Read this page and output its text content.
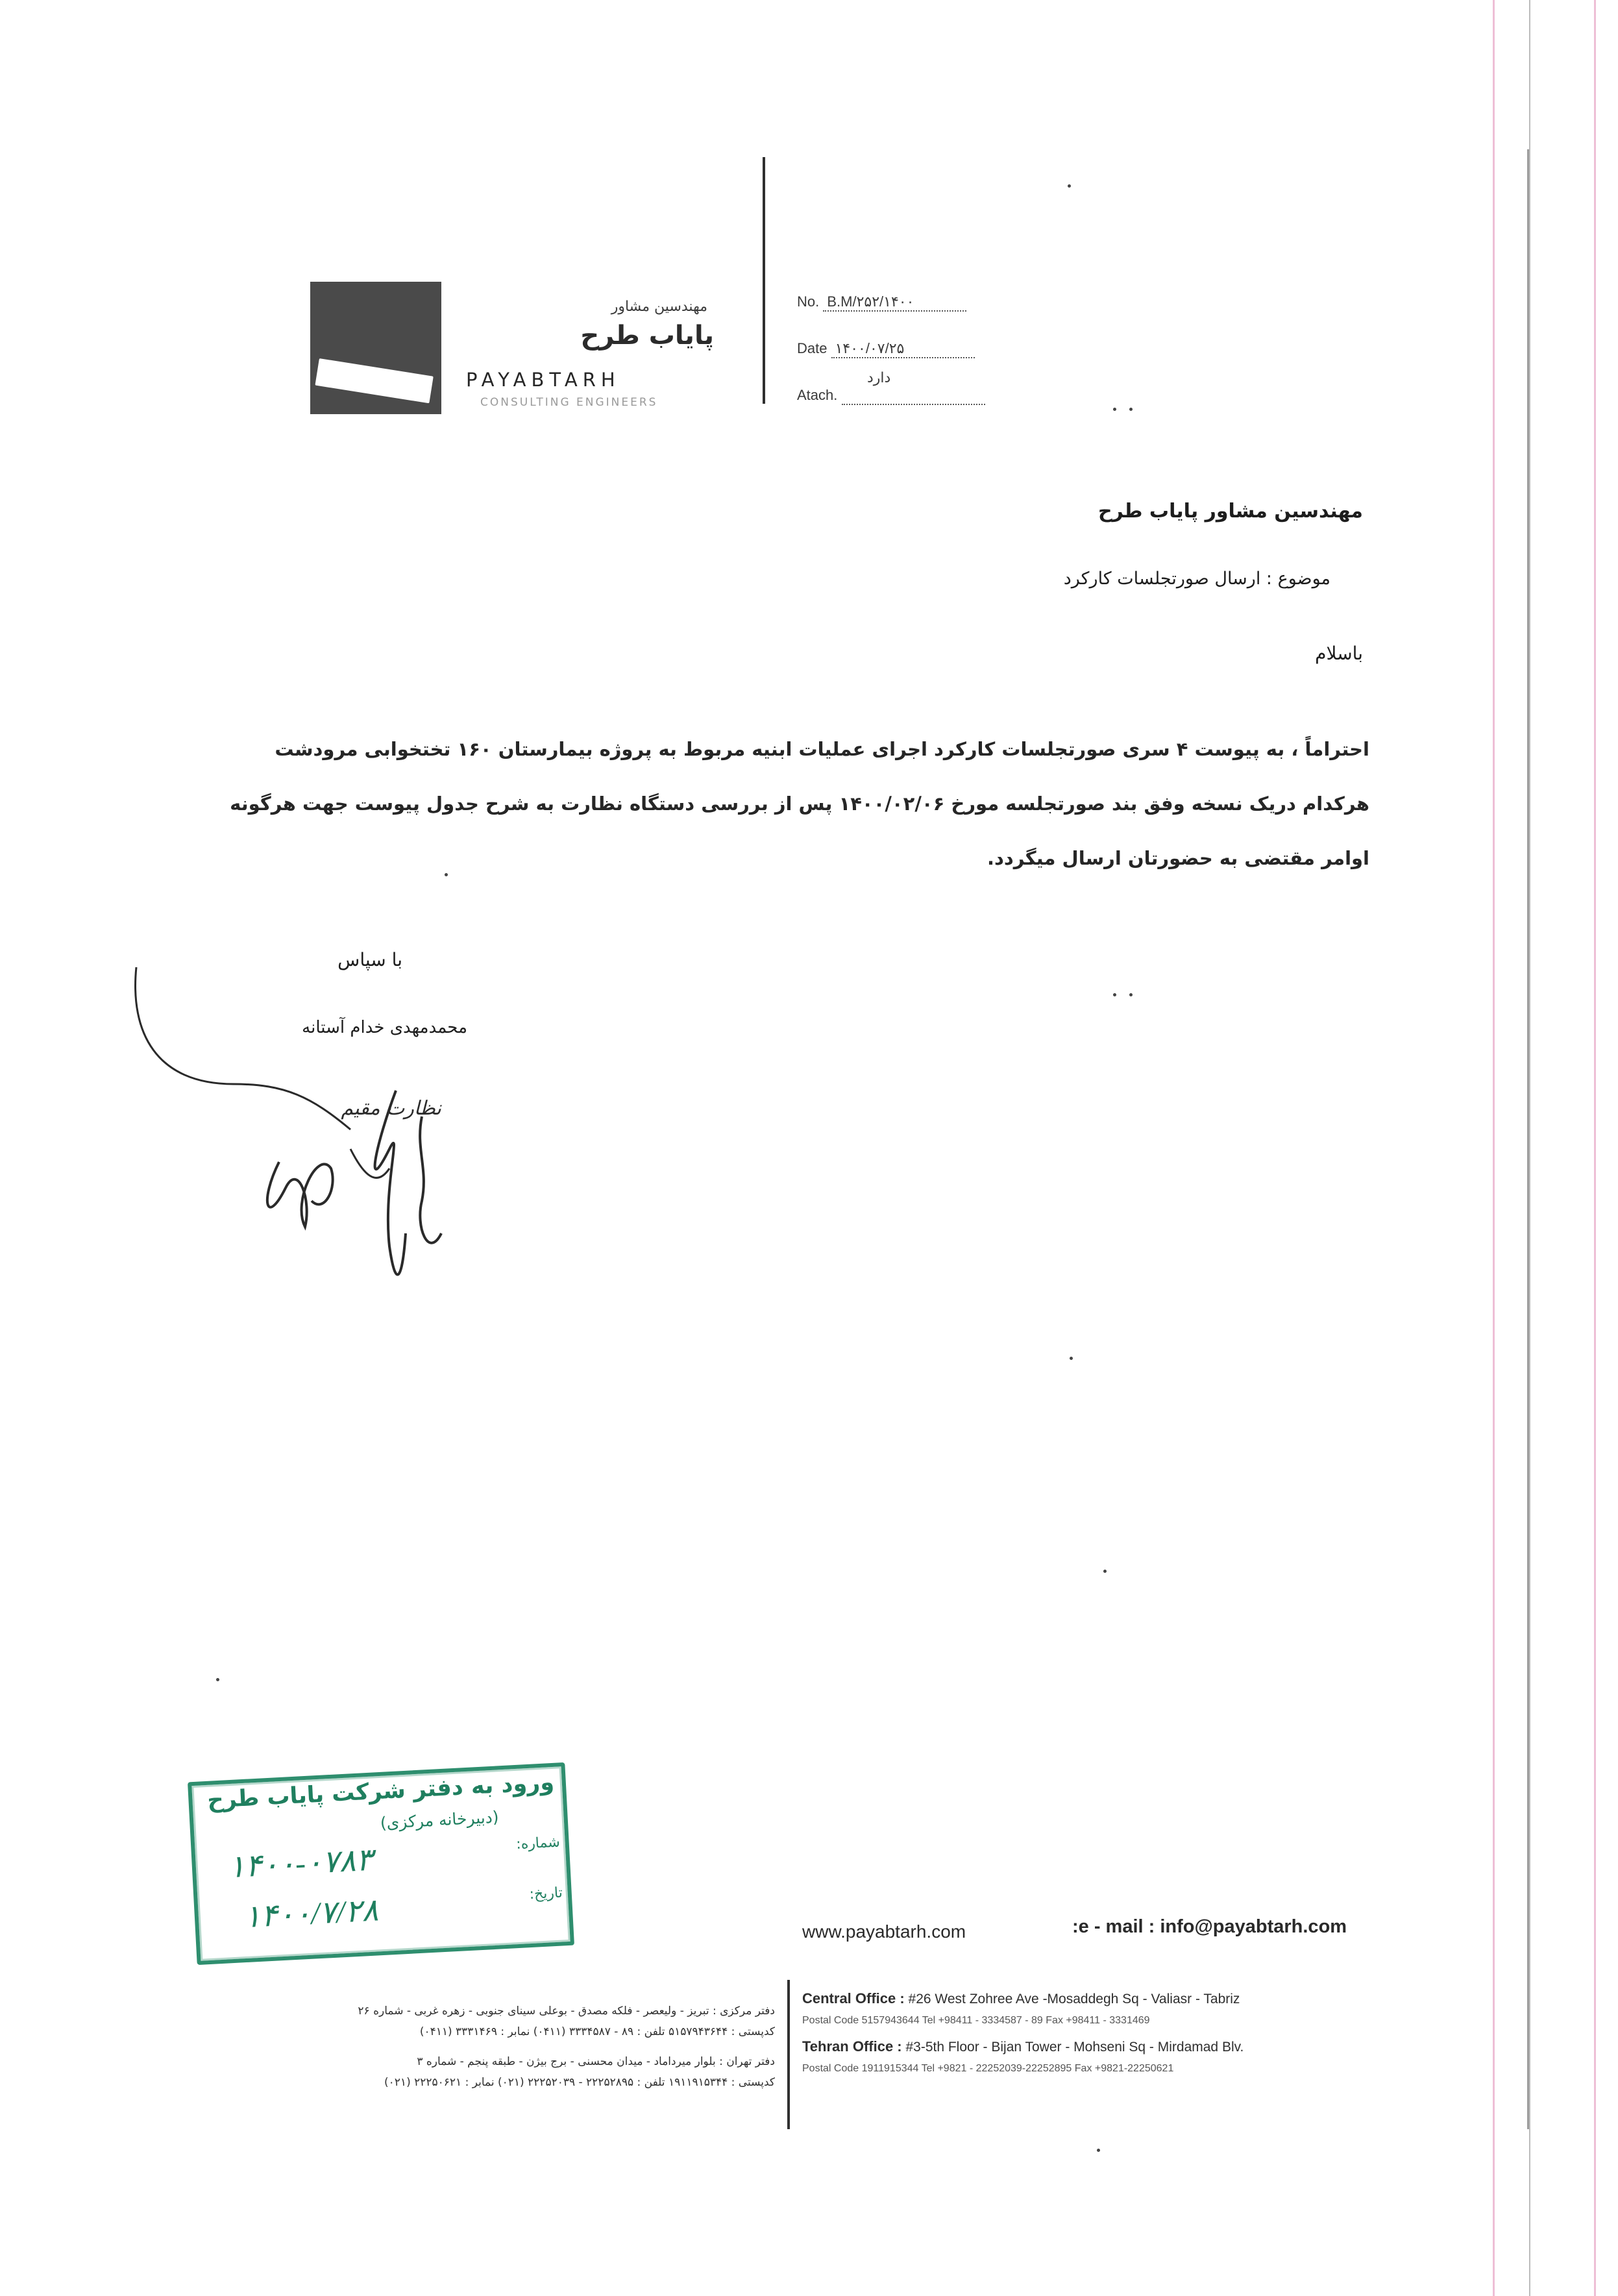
مهندسین مشاور
پایاب طرح
PAYABTARH
CONSULTING ENGINEERS
No. B.M/۲۵۲/۱۴۰۰
Date ۱۴۰۰/۰۷/۲۵
دارد
Atach.
مهندسین مشاور پایاب طرح
موضوع : ارسال صورتجلسات کارکرد
باسلام
احتراماً ، به پیوست ۴ سری صورتجلسات کارکرد اجرای عملیات ابنیه مربوط به پروژه بیمارستان ۱۶۰ تختخوابی مرودشت هرکدام دریک نسخه وفق بند صورتجلسه مورخ ۱۴۰۰/۰۲/۰۶ پس از بررسی دستگاه نظارت به شرح جدول پیوست جهت هرگونه اوامر مقتضی به حضورتان ارسال میگردد.
با سپاس
محمدمهدی خدام آستانه
نظارت مقیم
ورود به دفتر شرکت پایاب طرح
(دبیرخانه مرکزی)
شماره:
تاریخ:
۱۴۰۰-۰۷۸۳
۱۴۰۰/۷/۲۸	www.payabtarh.com	:e - mail : info@payabtarh.com
دفتر مرکزی : تبریز - ولیعصر - فلکه مصدق - بوعلی سینای جنوبی - زهره غربی - شماره ۲۶
کدپستی : ۵۱۵۷۹۴۳۶۴۴ تلفن : ۸۹ - ۳۳۳۴۵۸۷ (۰۴۱۱) نمابر : ۳۳۳۱۴۶۹ (۰۴۱۱)
دفتر تهران : بلوار میرداماد - میدان محسنی - برج بیژن - طبقه پنجم - شماره ۳
کدپستی : ۱۹۱۱۹۱۵۳۴۴ تلفن : ۲۲۲۵۲۸۹۵ - ۲۲۲۵۲۰۳۹ (۰۲۱) نمابر : ۲۲۲۵۰۶۲۱ (۰۲۱)
Central Office : #26 West Zohree Ave -Mosaddegh Sq - Valiasr - Tabriz
Postal Code 5157943644 Tel +98411 - 3334587 - 89 Fax +98411 - 3331469
Tehran Office : #3-5th Floor - Bijan Tower - Mohseni Sq - Mirdamad Blv.
Postal Code 1911915344 Tel +9821 - 22252039-22252895 Fax +9821-22250621
